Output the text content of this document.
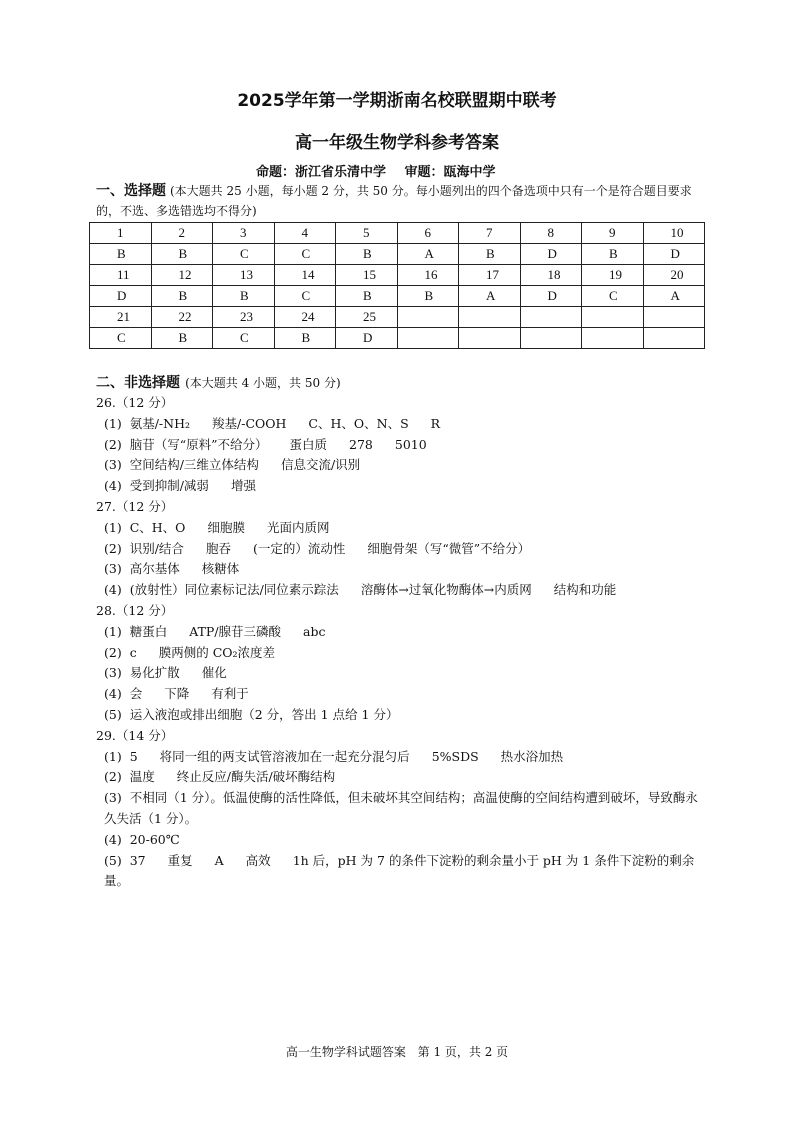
2025学年第一学期浙南名校联盟期中联考
高一年级生物学科参考答案
命题：浙江省乐清中学 审题：瓯海中学
一、选择题 (本大题共 25 小题，每小题 2 分，共 50 分。每小题列出的四个备选项中只有一个是符合题目要求的，不选、多选错选均不得分)
1	2	3	4	5	6	7	8	9	10
B	B	C	C	B	A	B	D	B	D
11	12	13	14	15	16	17	18	19	20
D	B	B	C	B	B	A	D	C	A
21	22	23	24	25					
C	B	C	B	D					
二、非选择题 (本大题共 4 小题，共 50 分)
26.（12 分）
(1) 氨基/-NH₂ 羧基/-COOH C、H、O、N、S R
(2) 脑苷（写“原料”不给分） 蛋白质 278 5010
(3) 空间结构/三维立体结构 信息交流/识别
(4) 受到抑制/减弱 增强
27.（12 分）
(1) C、H、O 细胞膜 光面内质网
(2) 识别/结合 胞吞 (一定的）流动性 细胞骨架（写“微管”不给分）
(3) 高尔基体 核糖体
(4) (放射性）同位素标记法/同位素示踪法 溶酶体→过氧化物酶体→内质网 结构和功能
28.（12 分）
(1) 糖蛋白 ATP/腺苷三磷酸 abc
(2) c 膜两侧的 CO₂浓度差
(3) 易化扩散 催化
(4) 会 下降 有利于
(5) 运入液泡或排出细胞（2 分，答出 1 点给 1 分）
29.（14 分）
(1) 5 将同一组的两支试管溶液加在一起充分混匀后 5%SDS 热水浴加热
(2) 温度 终止反应/酶失活/破坏酶结构
(3) 不相同（1 分）。低温使酶的活性降低，但未破坏其空间结构；高温使酶的空间结构遭到破坏，导致酶永久失活（1 分）。
(4) 20-60℃
(5) 37 重复 A 高效 1h 后，pH 为 7 的条件下淀粉的剩余量小于 pH 为 1 条件下淀粉的剩余量。
高一生物学科试题答案 第 1 页，共 2 页
